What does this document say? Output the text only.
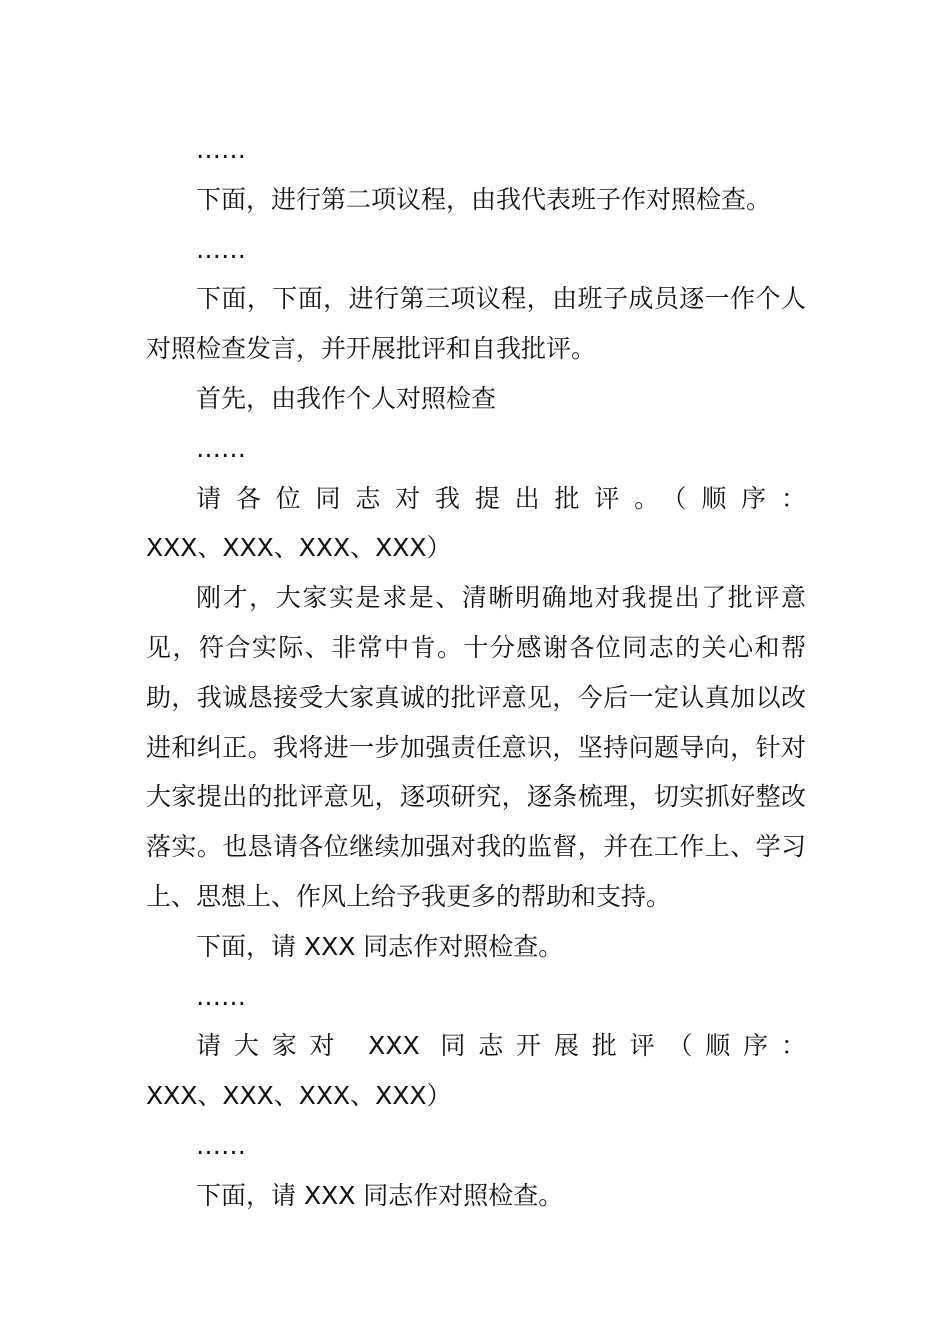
……

下面，进行第二项议程，由我代表班子作对照检查。

……

下面，下面，进行第三项议程，由班子成员逐一作个人对照检查发言，并开展批评和自我批评。

首先，由我作个人对照检查

……

请各位同志对我提出批评。（顺序：

XXX、XXX、XXX、XXX）

刚才，大家实是求是、清晰明确地对我提出了批评意见，符合实际、非常中肯。十分感谢各位同志的关心和帮助，我诚恳接受大家真诚的批评意见，今后一定认真加以改进和纠正。我将进一步加强责任意识，坚持问题导向，针对大家提出的批评意见，逐项研究，逐条梳理，切实抓好整改落实。也恳请各位继续加强对我的监督，并在工作上、学习上、思想上、作风上给予我更多的帮助和支持。

下面，请 XXX 同志作对照检查。

……

请大家对 XXX 同志开展批评（顺序：

XXX、XXX、XXX、XXX）

……

下面，请 XXX 同志作对照检查。
